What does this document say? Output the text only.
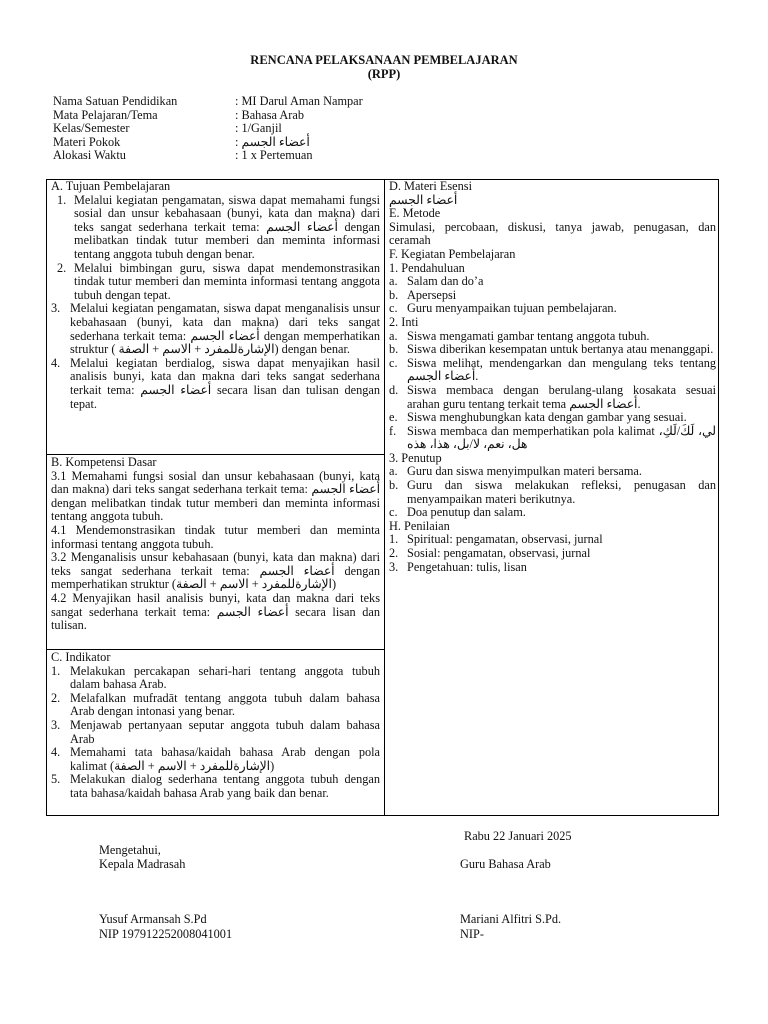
RENCANA PELAKSANAAN PEMBELAJARAN
(RPP)
Nama Satuan Pendidikan	: MI Darul Aman Nampar
Mata Pelajaran/Tema	: Bahasa Arab
Kelas/Semester	: 1/Ganjil
Materi Pokok	: أعضاء الجسم
Alokasi Waktu	: 1 x Pertemuan
A. Tujuan Pembelajaran
1. Melalui kegiatan pengamatan, siswa dapat memahami fungsi sosial dan unsur kebahasaan (bunyi, kata dan makna) dari teks sangat sederhana terkait tema: أعضاء الجسم dengan melibatkan tindak tutur memberi dan meminta informasi tentang anggota tubuh dengan benar.
2. Melalui bimbingan guru, siswa dapat mendemonstrasikan tindak tutur memberi dan meminta informasi tentang anggota tubuh dengan tepat.
3. Melalui kegiatan pengamatan, siswa dapat menganalisis unsur kebahasaan (bunyi, kata dan makna) dari teks sangat sederhana terkait tema: أعضاء الجسم dengan memperhatikan struktur ( الإشارةللمفرد + الاسم + الصفة) dengan benar.
4. Melalui kegiatan berdialog, siswa dapat menyajikan hasil analisis bunyi, kata dan makna dari teks sangat sederhana terkait tema: أعضاء الجسم secara lisan dan tulisan dengan tepat.
B. Kompetensi Dasar
3.1 Memahami fungsi sosial dan unsur kebahasaan (bunyi, kata dan makna) dari teks sangat sederhana terkait tema: أعضاء الجسم dengan melibatkan tindak tutur memberi dan meminta informasi tentang anggota tubuh.
4.1 Mendemonstrasikan tindak tutur memberi dan meminta informasi tentang anggota tubuh.
3.2 Menganalisis unsur kebahasaan (bunyi, kata dan makna) dari teks sangat sederhana terkait tema: أعضاء الجسم dengan memperhatikan struktur (الإشارةللمفرد + الاسم + الصفة)
4.2 Menyajikan hasil analisis bunyi, kata dan makna dari teks sangat sederhana terkait tema: أعضاء الجسم secara lisan dan tulisan.
C. Indikator
1. Melakukan percakapan sehari-hari tentang anggota tubuh dalam bahasa Arab.
2. Melafalkan mufradāt tentang anggota tubuh dalam bahasa Arab dengan intonasi yang benar.
3. Menjawab pertanyaan seputar anggota tubuh dalam bahasa Arab
4. Memahami tata bahasa/kaidah bahasa Arab dengan pola kalimat (الإشارةللمفرد + الاسم + الصفة)
5. Melakukan dialog sederhana tentang anggota tubuh dengan tata bahasa/kaidah bahasa Arab yang baik dan benar.
D. Materi Esensi
أعضاء الجسم
E. Metode
Simulasi, percobaan, diskusi, tanya jawab, penugasan, dan ceramah
F. Kegiatan Pembelajaran
1. Pendahuluan
a. Salam dan do’a
b. Apersepsi
c. Guru menyampaikan tujuan pembelajaran.
2. Inti
a. Siswa mengamati gambar tentang anggota tubuh.
b. Siswa diberikan kesempatan untuk bertanya atau menanggapi.
c. Siswa melihat, mendengarkan dan mengulang teks tentang أعضاء الجسم.
d. Siswa membaca dengan berulang-ulang kosakata sesuai arahan guru tentang terkait tema أعضاء الجسم.
e. Siswa menghubungkan kata dengan gambar yang sesuai.
f. Siswa membaca dan memperhatikan pola kalimat لي، لَكَ/لَكِ، هل، نعم، لا/بل، هذا، هذه
3. Penutup
a. Guru dan siswa menyimpulkan materi bersama.
b. Guru dan siswa melakukan refleksi, penugasan dan menyampaikan materi berikutnya.
c. Doa penutup dan salam.
H. Penilaian
1. Spiritual: pengamatan, observasi, jurnal
2. Sosial: pengamatan, observasi, jurnal
3. Pengetahuan: tulis, lisan
Rabu 22 Januari 2025
Mengetahui,
Kepala Madrasah	Guru Bahasa Arab
Yusuf Armansah S.Pd	Mariani Alfitri S.Pd.
NIP 197912252008041001	NIP-
